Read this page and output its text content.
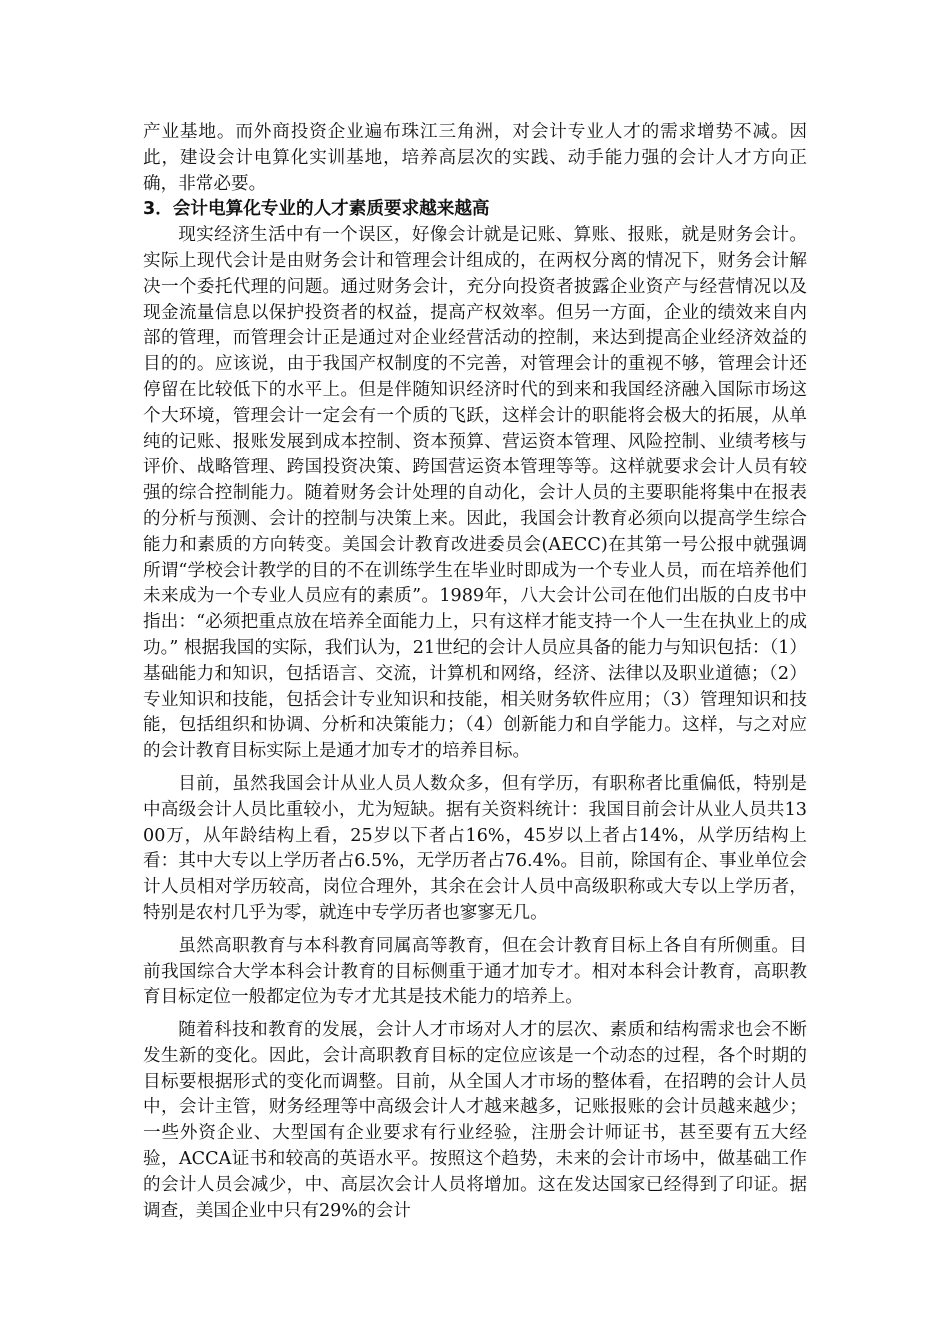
产业基地。而外商投资企业遍布珠江三角洲，对会计专业人才的需求增势不减。因此，建设会计电算化实训基地，培养高层次的实践、动手能力强的会计人才方向正确，非常必要。

3．会计电算化专业的人才素质要求越来越高

现实经济生活中有一个误区，好像会计就是记账、算账、报账，就是财务会计。实际上现代会计是由财务会计和管理会计组成的，在两权分离的情况下，财务会计解决一个委托代理的问题。通过财务会计，充分向投资者披露企业资产与经营情况以及现金流量信息以保护投资者的权益，提高产权效率。但另一方面，企业的绩效来自内部的管理，而管理会计正是通过对企业经营活动的控制，来达到提高企业经济效益的目的的。应该说，由于我国产权制度的不完善，对管理会计的重视不够，管理会计还停留在比较低下的水平上。但是伴随知识经济时代的到来和我国经济融入国际市场这个大环境，管理会计一定会有一个质的飞跃，这样会计的职能将会极大的拓展，从单纯的记账、报账发展到成本控制、资本预算、营运资本管理、风险控制、业绩考核与评价、战略管理、跨国投资决策、跨国营运资本管理等等。这样就要求会计人员有较强的综合控制能力。随着财务会计处理的自动化，会计人员的主要职能将集中在报表的分析与预测、会计的控制与决策上来。因此，我国会计教育必须向以提高学生综合能力和素质的方向转变。美国会计教育改进委员会(AECC)在其第一号公报中就强调所谓“学校会计教学的目的不在训练学生在毕业时即成为一个专业人员，而在培养他们未来成为一个专业人员应有的素质”。1989年，八大会计公司在他们出版的白皮书中指出：“必须把重点放在培养全面能力上，只有这样才能支持一个人一生在执业上的成功。” 根据我国的实际，我们认为，21世纪的会计人员应具备的能力与知识包括：（1）基础能力和知识，包括语言、交流，计算机和网络，经济、法律以及职业道德；（2）专业知识和技能，包括会计专业知识和技能，相关财务软件应用；（3）管理知识和技能，包括组织和协调、分析和决策能力；（4）创新能力和自学能力。这样，与之对应的会计教育目标实际上是通才加专才的培养目标。

目前，虽然我国会计从业人员人数众多，但有学历，有职称者比重偏低，特别是中高级会计人员比重较小，尤为短缺。据有关资料统计：我国目前会计从业人员共1300万，从年龄结构上看，25岁以下者占16%，45岁以上者占14%，从学历结构上看：其中大专以上学历者占6.5%，无学历者占76.4%。目前，除国有企、事业单位会计人员相对学历较高，岗位合理外，其余在会计人员中高级职称或大专以上学历者，特别是农村几乎为零，就连中专学历者也寥寥无几。

虽然高职教育与本科教育同属高等教育，但在会计教育目标上各自有所侧重。目前我国综合大学本科会计教育的目标侧重于通才加专才。相对本科会计教育，高职教育目标定位一般都定位为专才尤其是技术能力的培养上。

随着科技和教育的发展，会计人才市场对人才的层次、素质和结构需求也会不断发生新的变化。因此，会计高职教育目标的定位应该是一个动态的过程，各个时期的目标要根据形式的变化而调整。目前，从全国人才市场的整体看，在招聘的会计人员中，会计主管，财务经理等中高级会计人才越来越多，记账报账的会计员越来越少；一些外资企业、大型国有企业要求有行业经验，注册会计师证书，甚至要有五大经验，ACCA证书和较高的英语水平。按照这个趋势，未来的会计市场中，做基础工作的会计人员会减少，中、高层次会计人员将增加。这在发达国家已经得到了印证。据调查，美国企业中只有29%的会计
